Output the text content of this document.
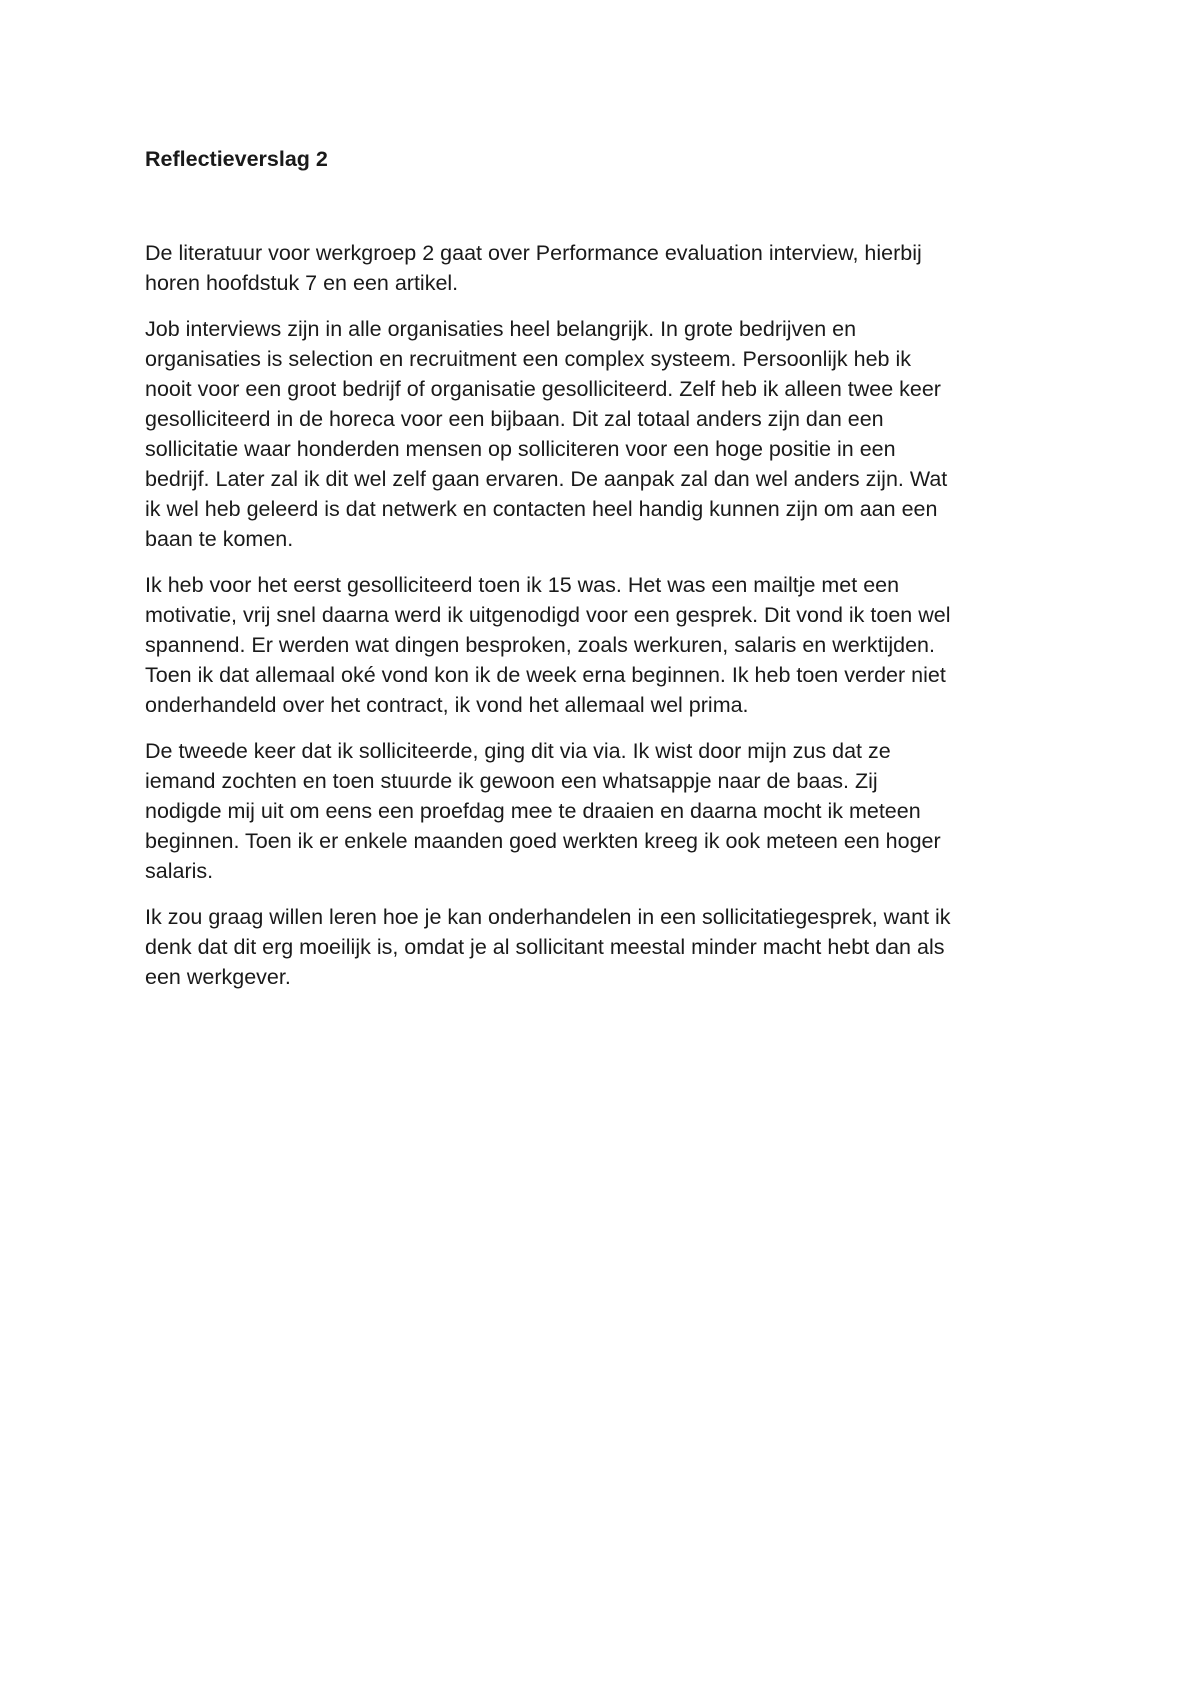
Reflectieverslag 2
De literatuur voor werkgroep 2 gaat over Performance evaluation interview, hierbij
horen hoofdstuk 7 en een artikel.
Job interviews zijn in alle organisaties heel belangrijk. In grote bedrijven en
organisaties is selection en recruitment een complex systeem. Persoonlijk heb ik
nooit voor een groot bedrijf of organisatie gesolliciteerd. Zelf heb ik alleen twee keer
gesolliciteerd in de horeca voor een bijbaan. Dit zal totaal anders zijn dan een
sollicitatie waar honderden mensen op solliciteren voor een hoge positie in een
bedrijf. Later zal ik dit wel zelf gaan ervaren. De aanpak zal dan wel anders zijn. Wat
ik wel heb geleerd is dat netwerk en contacten heel handig kunnen zijn om aan een
baan te komen.
Ik heb voor het eerst gesolliciteerd toen ik 15 was. Het was een mailtje met een
motivatie, vrij snel daarna werd ik uitgenodigd voor een gesprek. Dit vond ik toen wel
spannend. Er werden wat dingen besproken, zoals werkuren, salaris en werktijden.
Toen ik dat allemaal oké vond kon ik de week erna beginnen. Ik heb toen verder niet
onderhandeld over het contract, ik vond het allemaal wel prima.
De tweede keer dat ik solliciteerde, ging dit via via. Ik wist door mijn zus dat ze
iemand zochten en toen stuurde ik gewoon een whatsappje naar de baas. Zij
nodigde mij uit om eens een proefdag mee te draaien en daarna mocht ik meteen
beginnen. Toen ik er enkele maanden goed werkten kreeg ik ook meteen een hoger
salaris.
Ik zou graag willen leren hoe je kan onderhandelen in een sollicitatiegesprek, want ik
denk dat dit erg moeilijk is, omdat je al sollicitant meestal minder macht hebt dan als
een werkgever.
